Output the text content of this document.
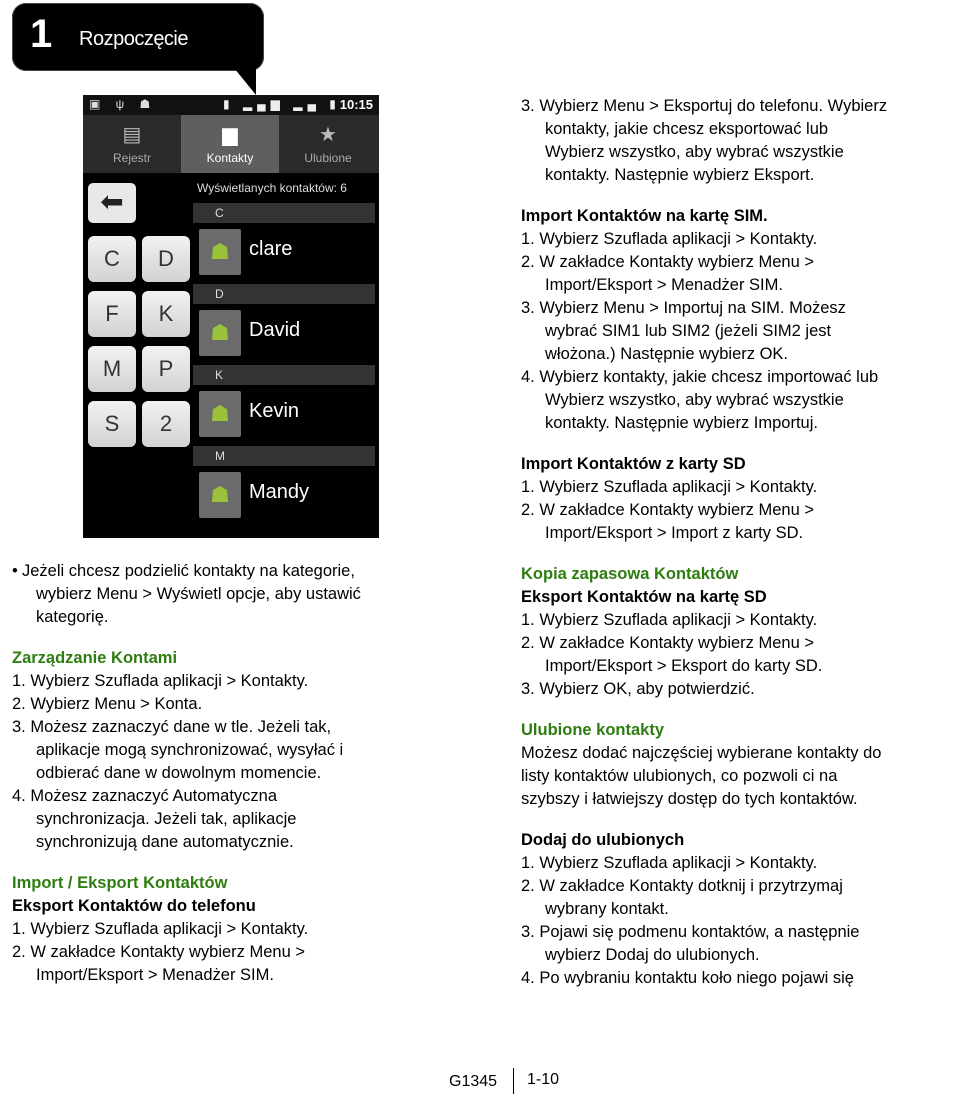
1 Rozpoczęcie
▣ ψ ☗	▮ ▂▄▆ ▂▄ ▮
10:15
▤
Rejestr
▆
Kontakty
★
Ulubione
Wyświetlanych kontaktów: 6
⬅
C	D
F	K
M	P
S	2
C
☗ clare
D
☗ David
K
☗ Kevin
M
☗ Mandy
• Jeżeli chcesz podzielić kontakty na kategorie,
wybierz Menu > Wyświetl opcje, aby ustawić
kategorię.
Zarządzanie Kontami
1. Wybierz Szuflada aplikacji > Kontakty.
2. Wybierz Menu > Konta.
3. Możesz zaznaczyć dane w tle. Jeżeli tak,
aplikacje mogą synchronizować, wysyłać i
odbierać dane w dowolnym momencie.
4. Możesz zaznaczyć Automatyczna
synchronizacja. Jeżeli tak, aplikacje
synchronizują dane automatycznie.
Import / Eksport Kontaktów
Eksport Kontaktów do telefonu
1. Wybierz Szuflada aplikacji > Kontakty.
2. W zakładce Kontakty wybierz Menu >
Import/Eksport > Menadżer SIM.
3. Wybierz Menu > Eksportuj do telefonu. Wybierz
kontakty, jakie chcesz eksportować lub
Wybierz wszystko, aby wybrać wszystkie
kontakty. Następnie wybierz Eksport.
Import Kontaktów na kartę SIM.
1. Wybierz Szuflada aplikacji > Kontakty.
2. W zakładce Kontakty wybierz Menu >
Import/Eksport > Menadżer SIM.
3. Wybierz Menu > Importuj na SIM. Możesz
wybrać SIM1 lub SIM2 (jeżeli SIM2 jest
włożona.) Następnie wybierz OK.
4. Wybierz kontakty, jakie chcesz importować lub
Wybierz wszystko, aby wybrać wszystkie
kontakty. Następnie wybierz Importuj.
Import Kontaktów z karty SD
1. Wybierz Szuflada aplikacji > Kontakty.
2. W zakładce Kontakty wybierz Menu >
Import/Eksport > Import z karty SD.
Kopia zapasowa Kontaktów
Eksport Kontaktów na kartę SD
1. Wybierz Szuflada aplikacji > Kontakty.
2. W zakładce Kontakty wybierz Menu >
Import/Eksport > Eksport do karty SD.
3. Wybierz OK, aby potwierdzić.
Ulubione kontakty
Możesz dodać najczęściej wybierane kontakty do
listy kontaktów ulubionych, co pozwoli ci na
szybszy i łatwiejszy dostęp do tych kontaktów.
Dodaj do ulubionych
1. Wybierz Szuflada aplikacji > Kontakty.
2. W zakładce Kontakty dotknij i przytrzymaj
wybrany kontakt.
3. Pojawi się podmenu kontaktów, a następnie
wybierz Dodaj do ulubionych.
4. Po wybraniu kontaktu koło niego pojawi się
G1345 1-10
